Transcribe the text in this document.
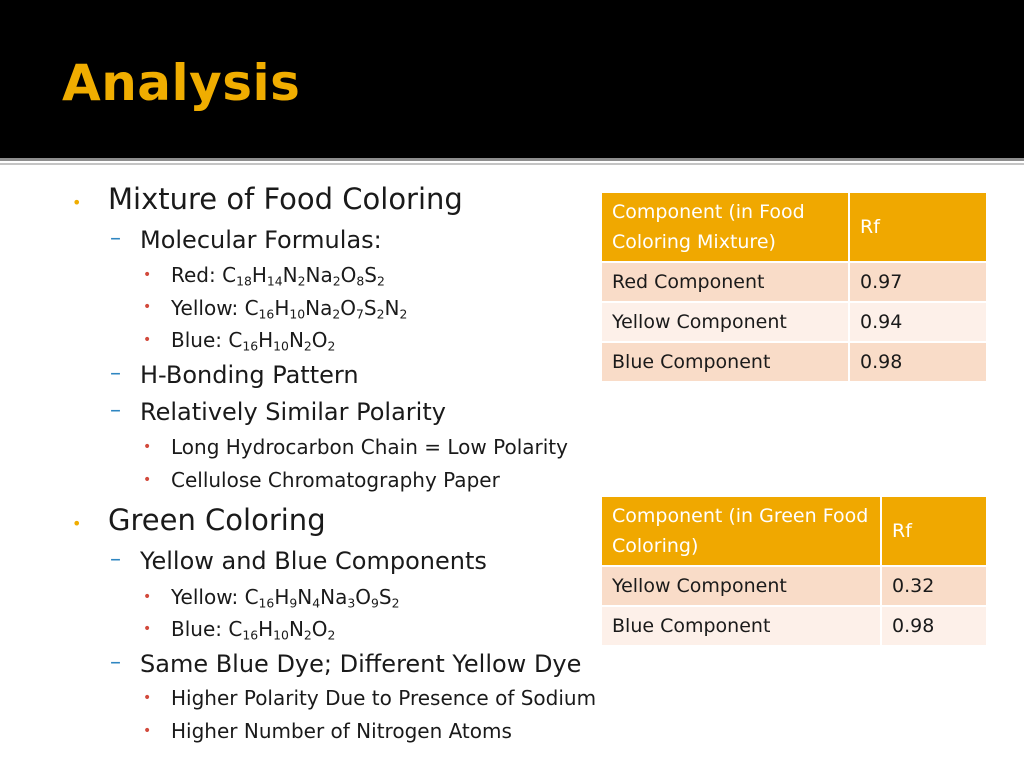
Analysis
• Mixture of Food Coloring
– Molecular Formulas:
• Red: $C_{18}H_{14}N_2Na_2O_8S_2$
• Yellow: $C_{16}H_{10}Na_2O_7S_2N_2$
• Blue: $C_{16}H_{10}N_2O_2$
– H-Bonding Pattern
– Relatively Similar Polarity
• Long Hydrocarbon Chain = Low Polarity
• Cellulose Chromatography Paper
• Green Coloring
– Yellow and Blue Components
• Yellow: $C_{16}H_9N_4Na_3O_9S_2$
• Blue: $C_{16}H_{10}N_2O_2$
– Same Blue Dye; Different Yellow Dye
• Higher Polarity Due to Presence of Sodium
• Higher Number of Nitrogen Atoms
Component (in Food Coloring Mixture)	Rf
Red Component	0.97
Yellow Component	0.94
Blue Component	0.98
Component (in Green Food Coloring)	Rf
Yellow Component	0.32
Blue Component	0.98
